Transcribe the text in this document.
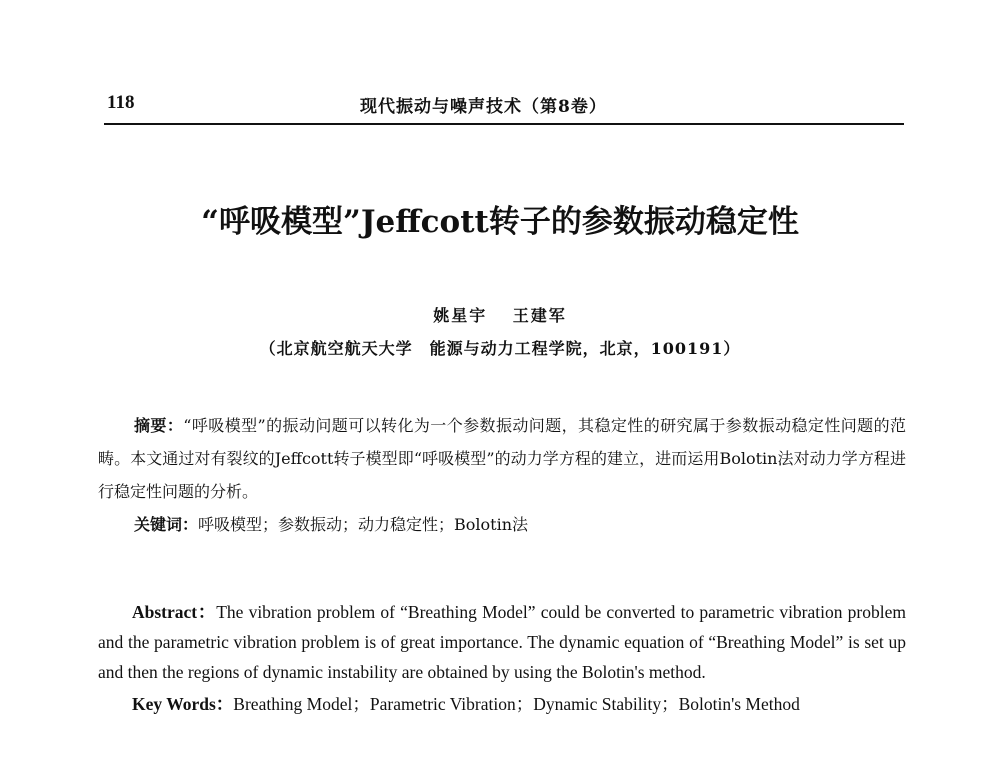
118	现代振动与噪声技术（第8卷）
“呼吸模型”Jeffcott转子的参数振动稳定性
姚星宇 王建军
（北京航空航天大学　能源与动力工程学院，北京，100191）

摘要：“呼吸模型”的振动问题可以转化为一个参数振动问题，其稳定性的研究属于参数振动稳定性问题的范畴。本文通过对有裂纹的Jeffcott转子模型即“呼吸模型”的动力学方程的建立，进而运用Bolotin法对动力学方程进行稳定性问题的分析。

关键词：呼吸模型；参数振动；动力稳定性；Bolotin法

Abstract：The vibration problem of “Breathing Model” could be converted to parametric vibration problem and the parametric vibration problem is of great importance. The dynamic equation of “Breathing Model” is set up and then the regions of dynamic instability are obtained by using the Bolotin's method.

Key Words：Breathing Model；Parametric Vibration；Dynamic Stability；Bolotin's Method
